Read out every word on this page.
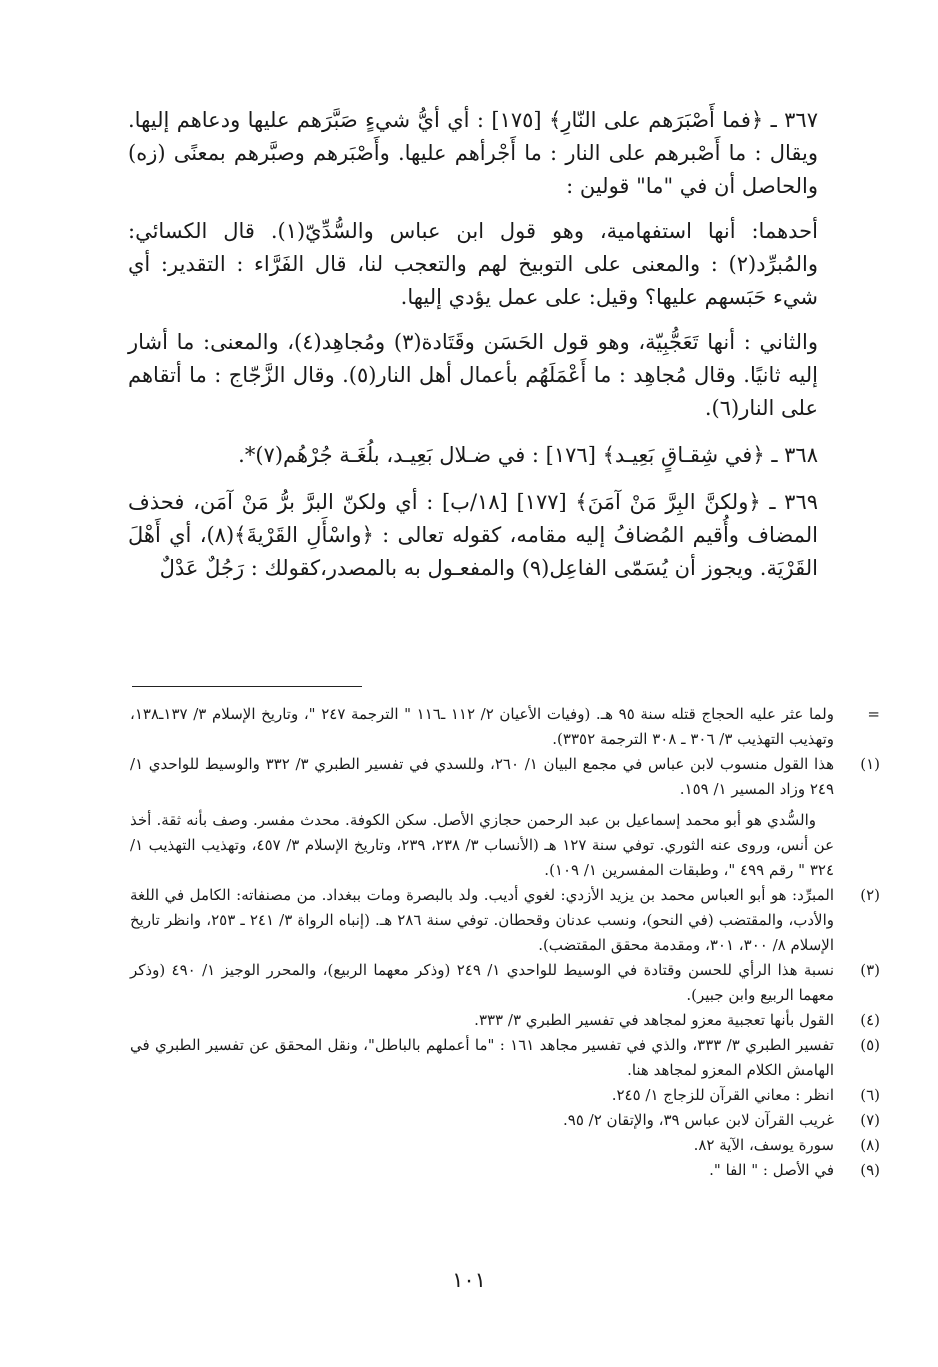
٣٦٧ ـ ﴿فما أَصْبَرَهم على النّارِ﴾ [١٧٥] : أي أيُّ شيءٍ صَبَّرَهم عليها ودعاهم إليها. ويقال : ما أَصْبرهم على النار : ما أَجْرأهم عليها. وأَصْبَرهم وصبَّرهم بمعنًى (زه) والحاصل أن في "ما" قولين :

أحدهما: أنها استفهامية، وهو قول ابن عباس والسُّدِّيّ(١). قال الكسائي: والمُبرِّد(٢) : والمعنى على التوبيخ لهم والتعجب لنا، قال الفَرَّاء : التقدير: أي شيء حَبَسهم عليها؟ وقيل: على عمل يؤدي إليها.

والثاني : أنها تَعَجُّبِيّة، وهو قول الحَسَن وقَتَادة(٣) ومُجاهِد(٤)، والمعنى: ما أشار إليه ثانيًا. وقال مُجاهِد : ما أَعْمَلَهُم بأعمال أهل النار(٥). وقال الزَّجّاج : ما أتقاهم على النار(٦).

٣٦٨ ـ ﴿في شِقـاقٍ بَعِيـد﴾ [١٧٦] : في ضـلال بَعِيـد، بلُغَـة جُرْهُم(٧)*.

٣٦٩ ـ ﴿ولكنَّ البِرَّ مَنْ آمَنَ﴾ [١٧٧] [١٨/ب] : أي ولكنّ البرَّ برُّ مَنْ آمَن، فحذف المضاف وأُقيم المُضافُ إليه مقامه، كقوله تعالى : ﴿واسْأَلِ القَرْيةَ﴾(٨)، أي أَهْلَ القَرْيَة. ويجوز أن يُسَمّى الفاعِل(٩) والمفعـول به بالمصدر،كقولك : رَجُلٌ عَدْلٌ

=
ولما عثر عليه الحجاج قتله سنة ٩٥ هـ. (وفيات الأعيان ٢/ ١١٢ ـ١١٦ " الترجمة ٢٤٧ "، وتاريخ الإسلام ٣/ ١٣٧ـ١٣٨، وتهذيب التهذيب ٣/ ٣٠٦ ـ ٣٠٨ الترجمة ٣٣٥٢).
(١)
هذا القول منسوب لابن عباس في مجمع البيان ١/ ٢٦٠، وللسدي في تفسير الطبري ٣/ ٣٣٢ والوسيط للواحدي ١/ ٢٤٩ وزاد المسير ١/ ١٥٩.
والسُّدي هو أبو محمد إسماعيل بن عبد الرحمن حجازي الأصل. سكن الكوفة. محدث مفسر. وصف بأنه ثقة. أخذ عن أنس، وروى عنه الثوري. توفي سنة ١٢٧ هـ (الأنساب ٣/ ٢٣٨، ٢٣٩، وتاريخ الإسلام ٣/ ٤٥٧، وتهذيب التهذيب ١/ ٣٢٤ " رقم ٤٩٩ "، وطبقات المفسرين ١/ ١٠٩).
(٢)
المبرِّد: هو أبو العباس محمد بن يزيد الأزدي: لغوي أديب. ولد بالبصرة ومات ببغداد. من مصنفاته: الكامل في اللغة والأدب، والمقتضب (في النحو)، ونسب عدنان وقحطان. توفي سنة ٢٨٦ هـ. (إنباه الرواة ٣/ ٢٤١ ـ ٢٥٣، وانظر تاريخ الإسلام ٨/ ٣٠٠، ٣٠١، ومقدمة محقق المقتضب).
(٣)
نسبة هذا الرأي للحسن وقتادة في الوسيط للواحدي ١/ ٢٤٩ (وذكر معهما الربيع)، والمحرر الوجيز ١/ ٤٩٠ (وذكر معهما الربيع وابن جبير).
(٤)
القول بأنها تعجبية معزو لمجاهد في تفسير الطبري ٣/ ٣٣٣.
(٥)
تفسير الطبري ٣/ ٣٣٣، والذي في تفسير مجاهد ١٦١ : "ما أعملهم بالباطل"، ونقل المحقق عن تفسير الطبري في الهامش الكلام المعزو لمجاهد هنا.
(٦)
انظر : معاني القرآن للزجاج ١/ ٢٤٥.
(٧)
غريب القرآن لابن عباس ٣٩، والإتقان ٢/ ٩٥.
(٨)
سورة يوسف، الآية ٨٢.
(٩)
في الأصل : " الفا ".
١٠١
